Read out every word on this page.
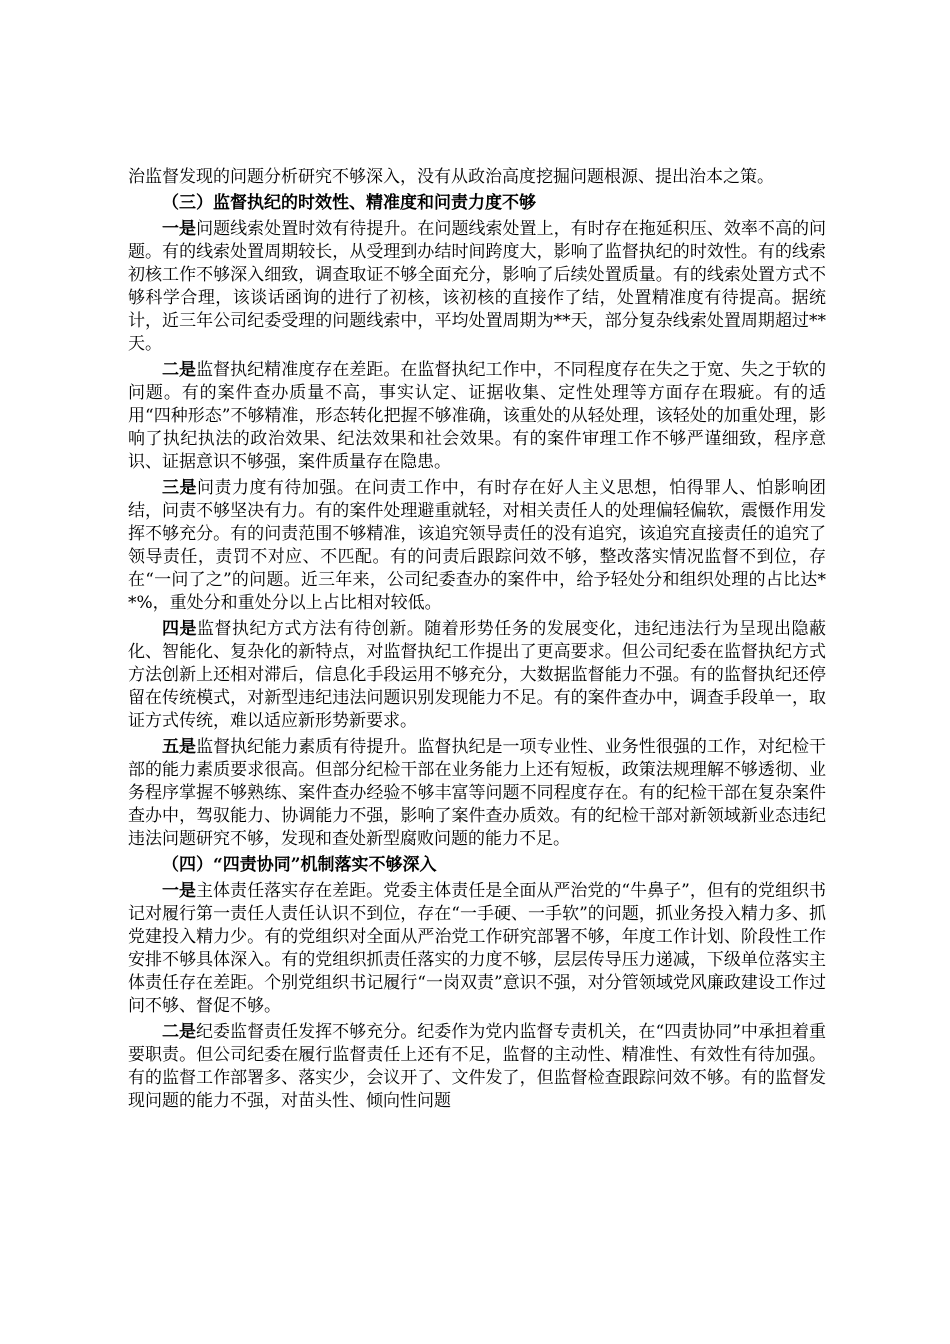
治监督发现的问题分析研究不够深入，没有从政治高度挖掘问题根源、提出治本之策。

（三）监督执纪的时效性、精准度和问责力度不够

一是问题线索处置时效有待提升。在问题线索处置上，有时存在拖延积压、效率不高的问题。有的线索处置周期较长，从受理到办结时间跨度大，影响了监督执纪的时效性。有的线索初核工作不够深入细致，调查取证不够全面充分，影响了后续处置质量。有的线索处置方式不够科学合理，该谈话函询的进行了初核，该初核的直接作了结，处置精准度有待提高。据统计，近三年公司纪委受理的问题线索中，平均处置周期为**天，部分复杂线索处置周期超过**天。

二是监督执纪精准度存在差距。在监督执纪工作中，不同程度存在失之于宽、失之于软的问题。有的案件查办质量不高，事实认定、证据收集、定性处理等方面存在瑕疵。有的适用“四种形态”不够精准，形态转化把握不够准确，该重处的从轻处理，该轻处的加重处理，影响了执纪执法的政治效果、纪法效果和社会效果。有的案件审理工作不够严谨细致，程序意识、证据意识不够强，案件质量存在隐患。

三是问责力度有待加强。在问责工作中，有时存在好人主义思想，怕得罪人、怕影响团结，问责不够坚决有力。有的案件处理避重就轻，对相关责任人的处理偏轻偏软，震慑作用发挥不够充分。有的问责范围不够精准，该追究领导责任的没有追究，该追究直接责任的追究了领导责任，责罚不对应、不匹配。有的问责后跟踪问效不够，整改落实情况监督不到位，存在“一问了之”的问题。近三年来，公司纪委查办的案件中，给予轻处分和组织处理的占比达**%，重处分和重处分以上占比相对较低。

四是监督执纪方式方法有待创新。随着形势任务的发展变化，违纪违法行为呈现出隐蔽化、智能化、复杂化的新特点，对监督执纪工作提出了更高要求。但公司纪委在监督执纪方式方法创新上还相对滞后，信息化手段运用不够充分，大数据监督能力不强。有的监督执纪还停留在传统模式，对新型违纪违法问题识别发现能力不足。有的案件查办中，调查手段单一，取证方式传统，难以适应新形势新要求。

五是监督执纪能力素质有待提升。监督执纪是一项专业性、业务性很强的工作，对纪检干部的能力素质要求很高。但部分纪检干部在业务能力上还有短板，政策法规理解不够透彻、业务程序掌握不够熟练、案件查办经验不够丰富等问题不同程度存在。有的纪检干部在复杂案件查办中，驾驭能力、协调能力不强，影响了案件查办质效。有的纪检干部对新领域新业态违纪违法问题研究不够，发现和查处新型腐败问题的能力不足。

（四）“四责协同”机制落实不够深入

一是主体责任落实存在差距。党委主体责任是全面从严治党的“牛鼻子”，但有的党组织书记对履行第一责任人责任认识不到位，存在“一手硬、一手软”的问题，抓业务投入精力多、抓党建投入精力少。有的党组织对全面从严治党工作研究部署不够，年度工作计划、阶段性工作安排不够具体深入。有的党组织抓责任落实的力度不够，层层传导压力递减，下级单位落实主体责任存在差距。个别党组织书记履行“一岗双责”意识不强，对分管领域党风廉政建设工作过问不够、督促不够。

二是纪委监督责任发挥不够充分。纪委作为党内监督专责机关，在“四责协同”中承担着重要职责。但公司纪委在履行监督责任上还有不足，监督的主动性、精准性、有效性有待加强。有的监督工作部署多、落实少，会议开了、文件发了，但监督检查跟踪问效不够。有的监督发现问题的能力不强，对苗头性、倾向性问题
